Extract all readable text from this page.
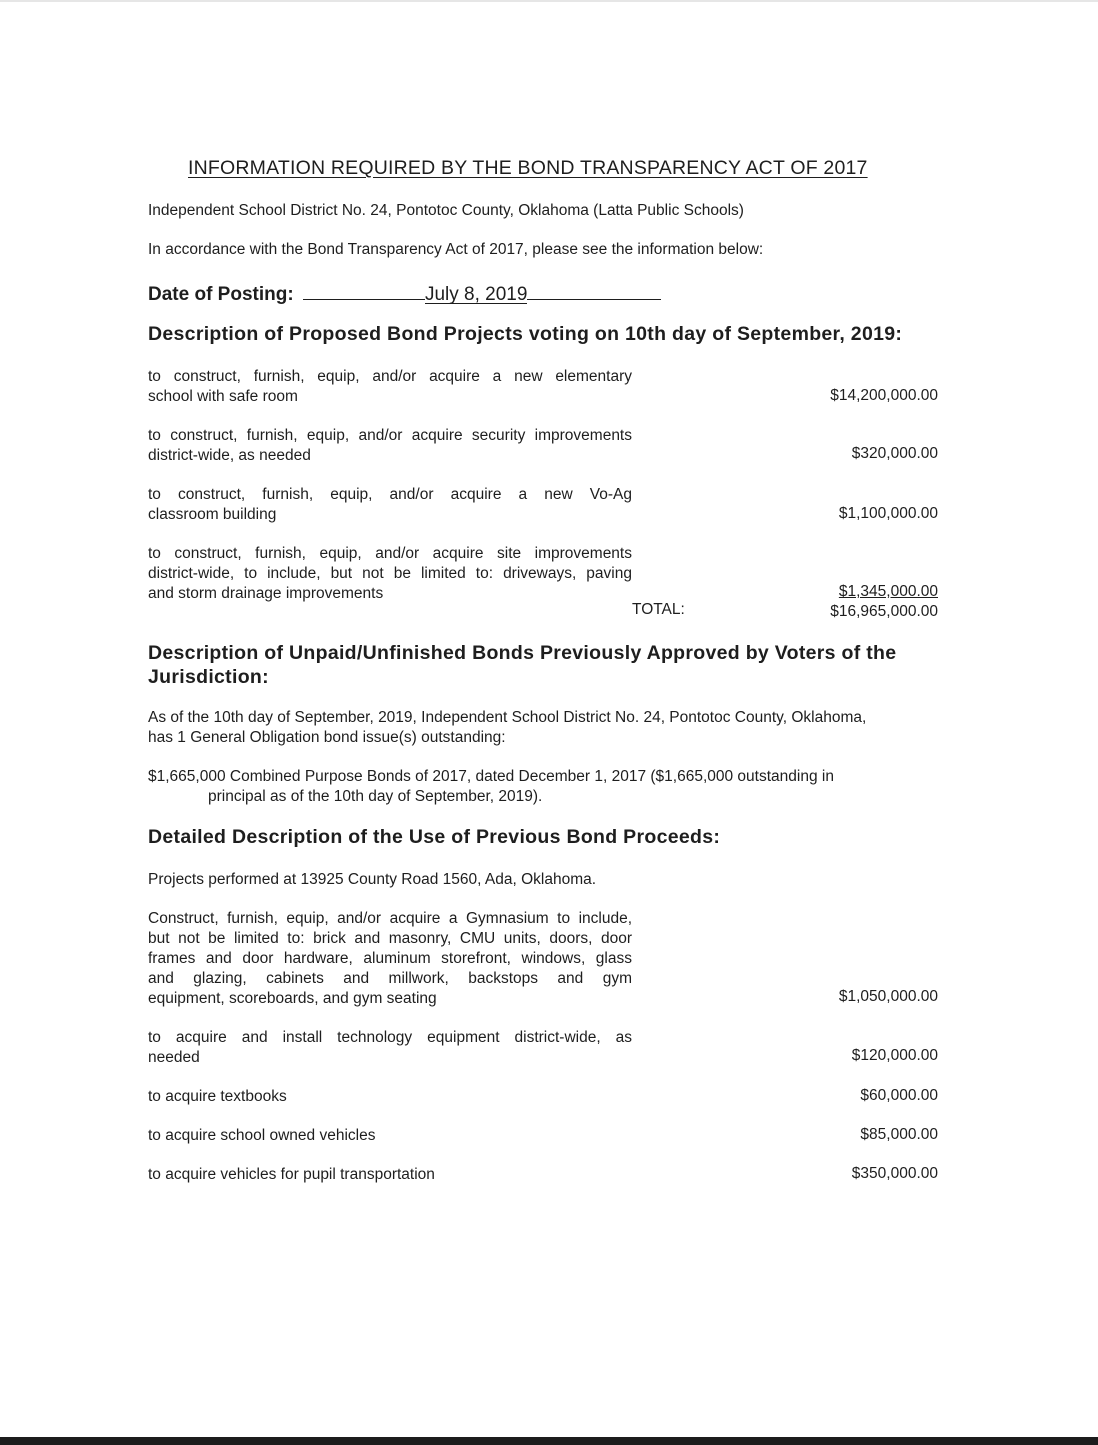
INFORMATION REQUIRED BY THE BOND TRANSPARENCY ACT OF 2017
Independent School District No. 24, Pontotoc County, Oklahoma (Latta Public Schools)
In accordance with the Bond Transparency Act of 2017, please see the information below:
Date of Posting:	July 8, 2019
Description of Proposed Bond Projects voting on 10th day of September, 2019:
to construct, furnish, equip, and/or acquire a new elementary
school with safe room	$14,200,000.00
to construct, furnish, equip, and/or acquire security improvements
district-wide, as needed	$320,000.00
to construct, furnish, equip, and/or acquire a new Vo-Ag
classroom building	$1,100,000.00
to construct, furnish, equip, and/or acquire site improvements
district-wide, to include, but not be limited to: driveways, paving
and storm drainage improvements	$1,345,000.00
TOTAL:	$16,965,000.00
Description of Unpaid/Unfinished Bonds Previously Approved by Voters of the
Jurisdiction:
As of the 10th day of September, 2019, Independent School District No. 24, Pontotoc County, Oklahoma,
has 1 General Obligation bond issue(s) outstanding:
$1,665,000 Combined Purpose Bonds of 2017, dated December 1, 2017 ($1,665,000 outstanding in
principal as of the 10th day of September, 2019).
Detailed Description of the Use of Previous Bond Proceeds:
Projects performed at 13925 County Road 1560, Ada, Oklahoma.
Construct, furnish, equip, and/or acquire a Gymnasium to include,
but not be limited to: brick and masonry, CMU units, doors, door
frames and door hardware, aluminum storefront, windows, glass
and glazing, cabinets and millwork, backstops and gym
equipment, scoreboards, and gym seating	$1,050,000.00
to acquire and install technology equipment district-wide, as
needed	$120,000.00
to acquire textbooks	$60,000.00
to acquire school owned vehicles	$85,000.00
to acquire vehicles for pupil transportation	$350,000.00
